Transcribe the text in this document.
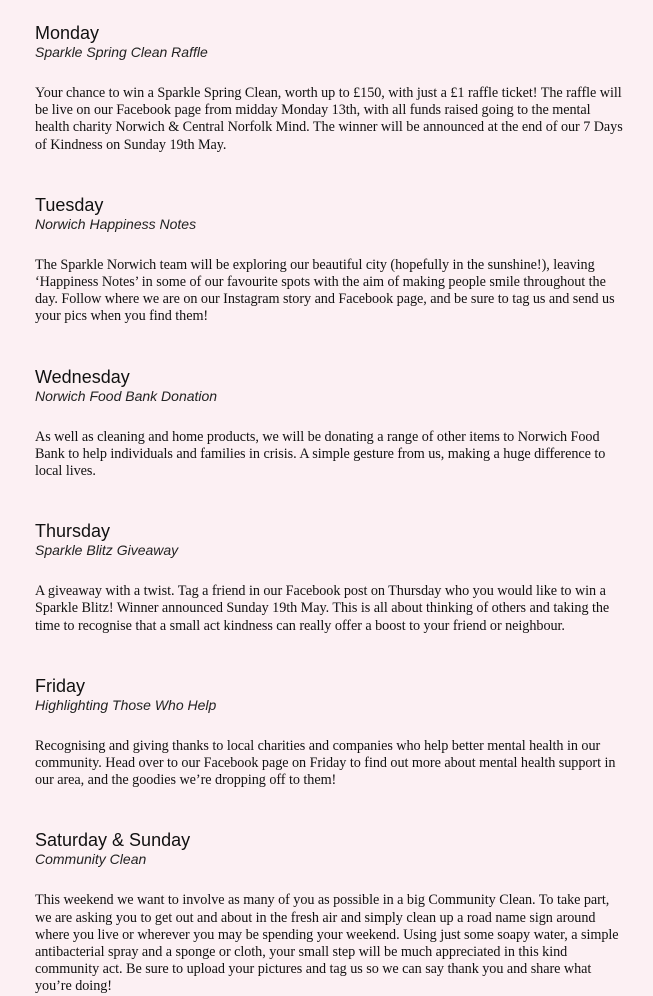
Monday
Sparkle Spring Clean Raffle

Your chance to win a Sparkle Spring Clean, worth up to £150, with just a £1 raffle ticket! The raffle will be live on our Facebook page from midday Monday 13th, with all funds raised going to the mental health charity Norwich & Central Norfolk Mind. The winner will be announced at the end of our 7 Days of Kindness on Sunday 19th May.

Tuesday
Norwich Happiness Notes

The Sparkle Norwich team will be exploring our beautiful city (hopefully in the sunshine!), leaving ‘Happiness Notes’ in some of our favourite spots with the aim of making people smile throughout the day. Follow where we are on our Instagram story and Facebook page, and be sure to tag us and send us your pics when you find them!

Wednesday
Norwich Food Bank Donation

As well as cleaning and home products, we will be donating a range of other items to Norwich Food Bank to help individuals and families in crisis. A simple gesture from us, making a huge difference to local lives.

Thursday
Sparkle Blitz Giveaway

A giveaway with a twist. Tag a friend in our Facebook post on Thursday who you would like to win a Sparkle Blitz! Winner announced Sunday 19th May. This is all about thinking of others and taking the time to recognise that a small act kindness can really offer a boost to your friend or neighbour.

Friday
Highlighting Those Who Help

Recognising and giving thanks to local charities and companies who help better mental health in our community. Head over to our Facebook page on Friday to find out more about mental health support in our area, and the goodies we’re dropping off to them!

Saturday & Sunday
Community Clean

This weekend we want to involve as many of you as possible in a big Community Clean. To take part, we are asking you to get out and about in the fresh air and simply clean up a road name sign around where you live or wherever you may be spending your weekend. Using just some soapy water, a simple antibacterial spray and a sponge or cloth, your small step will be much appreciated in this kind community act. Be sure to upload your pictures and tag us so we can say thank you and share what you’re doing!
